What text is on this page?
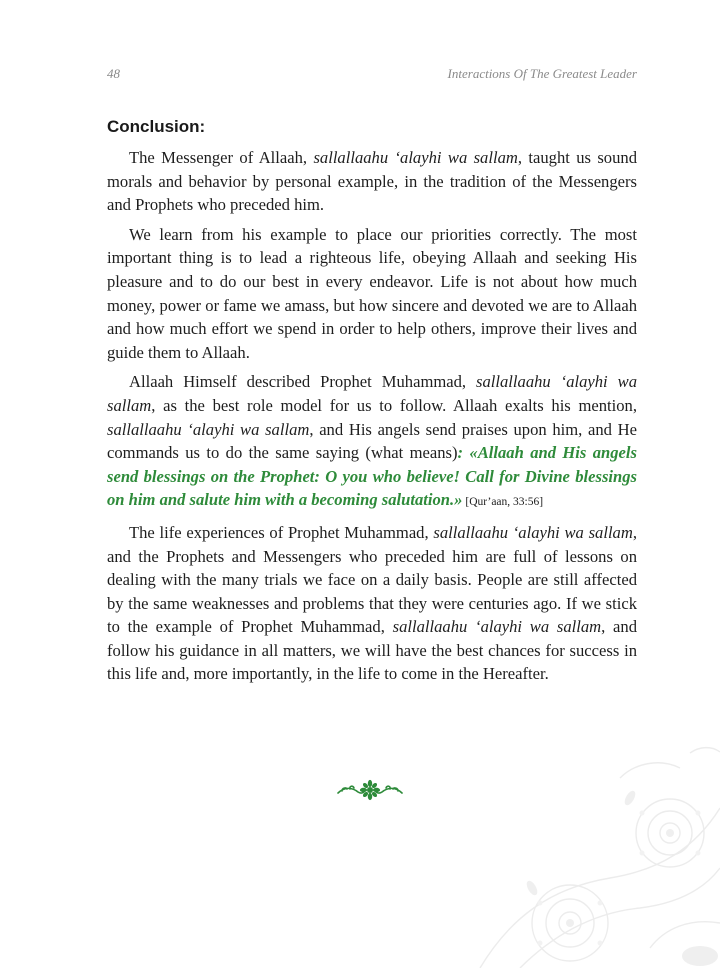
48	Interactions Of The Greatest Leader
Conclusion:

The Messenger of Allaah, sallallaahu ‘alayhi wa sallam, taught us sound morals and behavior by personal example, in the tradition of the Messengers and Prophets who preceded him.

We learn from his example to place our priorities correctly. The most important thing is to lead a righteous life, obeying Allaah and seeking His pleasure and to do our best in every endeavor. Life is not about how much money, power or fame we amass, but how sincere and devoted we are to Allaah and how much effort we spend in order to help others, improve their lives and guide them to Allaah.

Allaah Himself described Prophet Muhammad, sallallaahu ‘alayhi wa sallam, as the best role model for us to follow. Allaah exalts his mention, sallallaahu ‘alayhi wa sallam, and His angels send praises upon him, and He commands us to do the same saying (what means): «Allaah and His angels send blessings on the Prophet: O you who believe! Call for Divine blessings on him and salute him with a becoming salutation.» [Qur’aan, 33:56]

The life experiences of Prophet Muhammad, sallallaahu ‘alayhi wa sallam, and the Prophets and Messengers who preceded him are full of lessons on dealing with the many trials we face on a daily basis. People are still affected by the same weaknesses and problems that they were centuries ago. If we stick to the example of Prophet Muhammad, sallallaahu ‘alayhi wa sallam, and follow his guidance in all matters, we will have the best chances for success in this life and, more importantly, in the life to come in the Hereafter.
